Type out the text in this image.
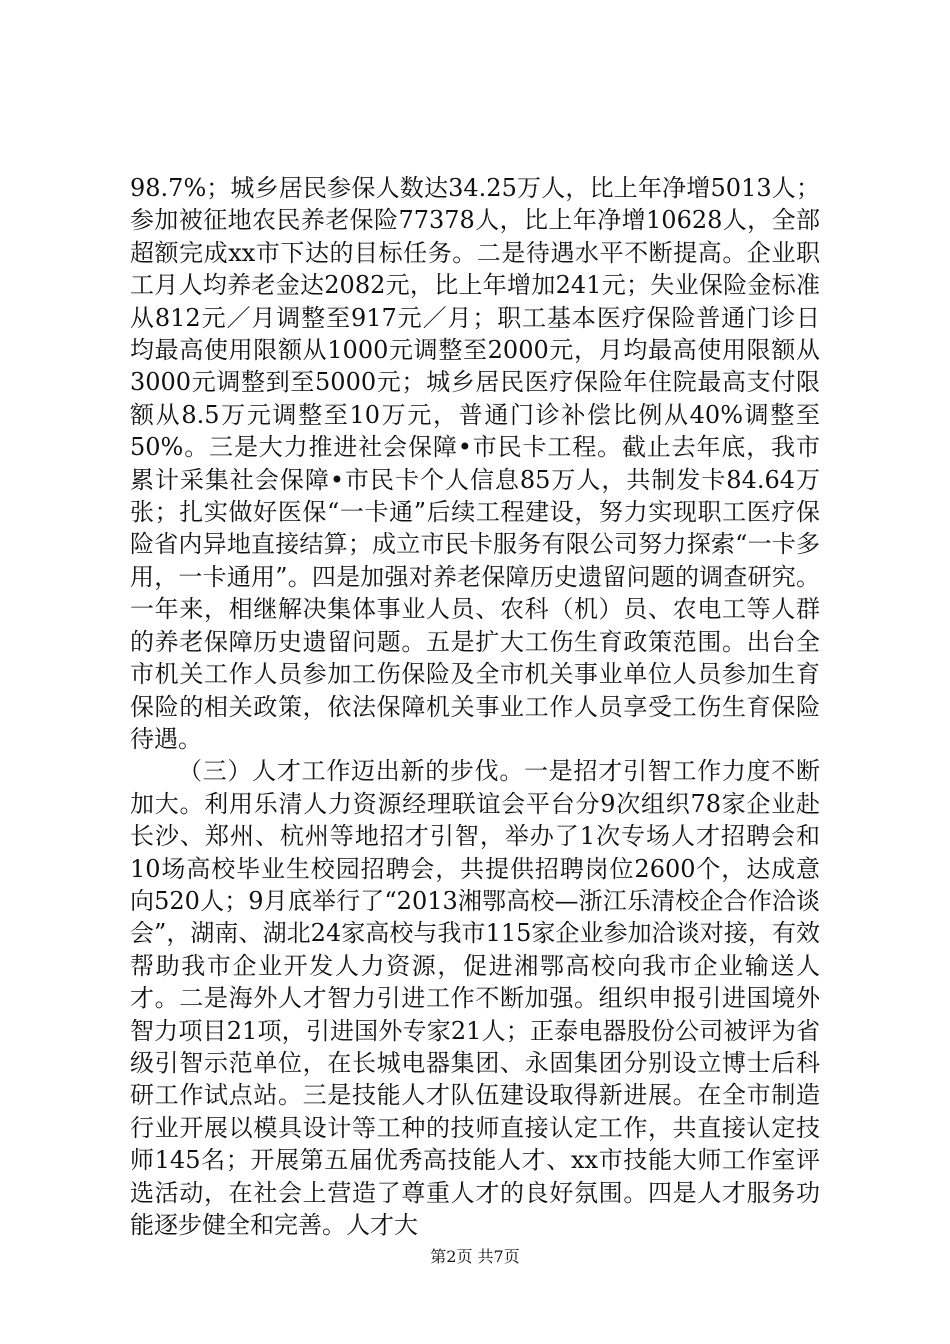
98.7%；城乡居民参保人数达34.25万人，比上年净增5013人；参加被征地农民养老保险77378人，比上年净增10628人，全部超额完成xx市下达的目标任务。二是待遇水平不断提高。企业职工月人均养老金达2082元，比上年增加241元；失业保险金标准从812元／月调整至917元／月；职工基本医疗保险普通门诊日均最高使用限额从1000元调整至2000元，月均最高使用限额从3000元调整到至5000元；城乡居民医疗保险年住院最高支付限额从8.5万元调整至10万元，普通门诊补偿比例从40%调整至50%。三是大力推进社会保障•市民卡工程。截止去年底，我市累计采集社会保障•市民卡个人信息85万人，共制发卡84.64万张；扎实做好医保“一卡通”后续工程建设，努力实现职工医疗保险省内异地直接结算；成立市民卡服务有限公司努力探索“一卡多用，一卡通用”。四是加强对养老保障历史遗留问题的调查研究。一年来，相继解决集体事业人员、农科（机）员、农电工等人群的养老保障历史遗留问题。五是扩大工伤生育政策范围。出台全市机关工作人员参加工伤保险及全市机关事业单位人员参加生育保险的相关政策，依法保障机关事业工作人员享受工伤生育保险待遇。

（三）人才工作迈出新的步伐。一是招才引智工作力度不断加大。利用乐清人力资源经理联谊会平台分9次组织78家企业赴长沙、郑州、杭州等地招才引智，举办了1次专场人才招聘会和10场高校毕业生校园招聘会，共提供招聘岗位2600个，达成意向520人；9月底举行了“2013湘鄂高校—浙江乐清校企合作洽谈会”，湖南、湖北24家高校与我市115家企业参加洽谈对接，有效帮助我市企业开发人力资源，促进湘鄂高校向我市企业输送人才。二是海外人才智力引进工作不断加强。组织申报引进国境外智力项目21项，引进国外专家21人；正泰电器股份公司被评为省级引智示范单位，在长城电器集团、永固集团分别设立博士后科研工作试点站。三是技能人才队伍建设取得新进展。在全市制造行业开展以模具设计等工种的技师直接认定工作，共直接认定技师145名；开展第五届优秀高技能人才、xx市技能大师工作室评选活动，在社会上营造了尊重人才的良好氛围。四是人才服务功能逐步健全和完善。人才大

第2页 共7页
